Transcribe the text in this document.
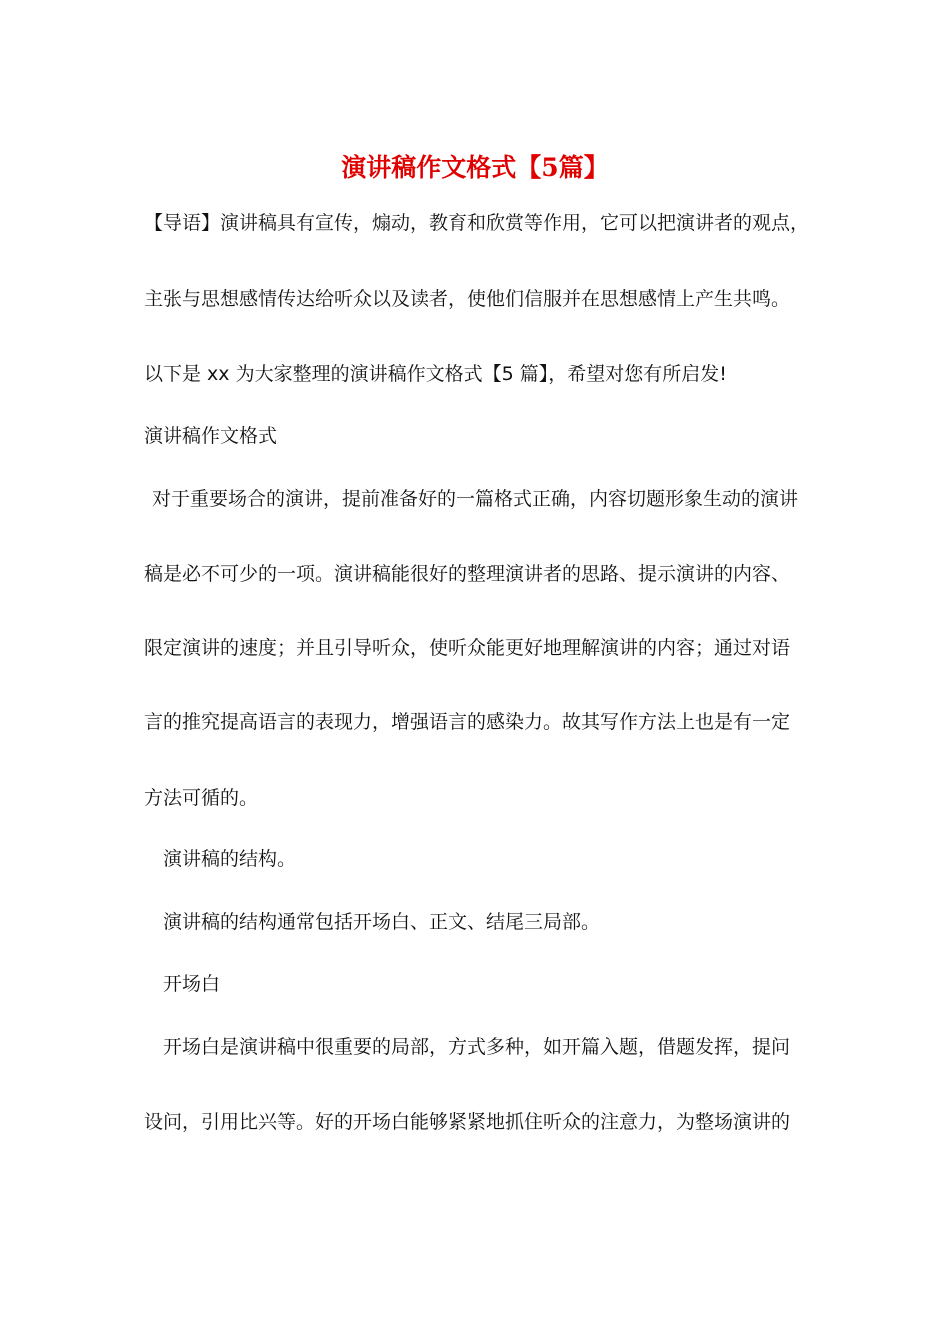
演讲稿作文格式【5篇】
【导语】演讲稿具有宣传，煽动，教育和欣赏等作用，它可以把演讲者的观点，
主张与思想感情传达给听众以及读者，使他们信服并在思想感情上产生共鸣。
以下是 xx 为大家整理的演讲稿作文格式【5 篇】，希望对您有所启发!
演讲稿作文格式
对于重要场合的演讲，提前准备好的一篇格式正确，内容切题形象生动的演讲
稿是必不可少的一项。演讲稿能很好的整理演讲者的思路、提示演讲的内容、
限定演讲的速度；并且引导听众，使听众能更好地理解演讲的内容；通过对语
言的推究提高语言的表现力，增强语言的感染力。故其写作方法上也是有一定
方法可循的。
演讲稿的结构。
演讲稿的结构通常包括开场白、正文、结尾三局部。
开场白
开场白是演讲稿中很重要的局部，方式多种，如开篇入题，借题发挥，提问
设问，引用比兴等。好的开场白能够紧紧地抓住听众的注意力，为整场演讲的
